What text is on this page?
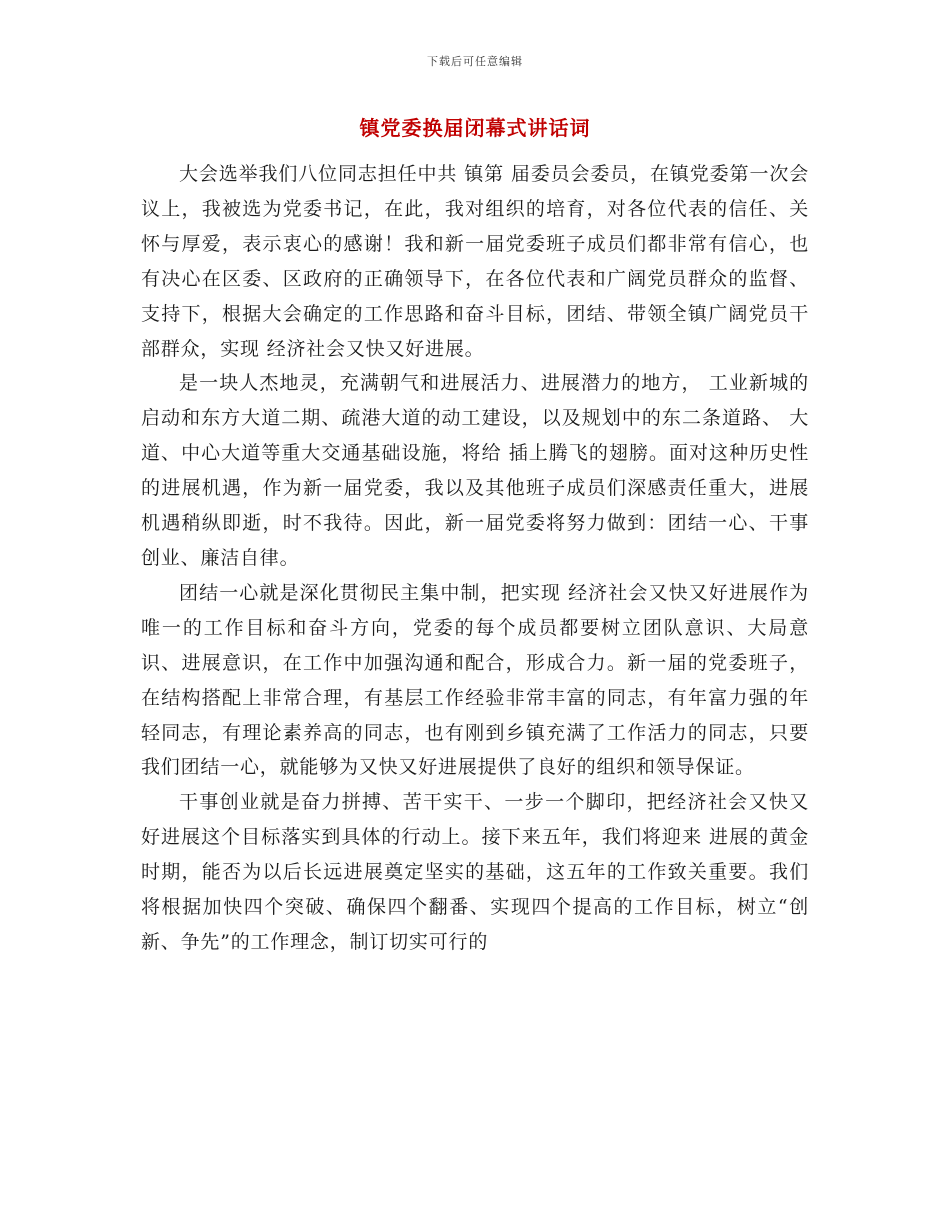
下载后可任意编辑
镇党委换届闭幕式讲话词

大会选举我们八位同志担任中共 镇第 届委员会委员，在镇党委第一次会议上，我被选为党委书记，在此，我对组织的培育，对各位代表的信任、关怀与厚爱，表示衷心的感谢！我和新一届党委班子成员们都非常有信心，也有决心在区委、区政府的正确领导下，在各位代表和广阔党员群众的监督、支持下，根据大会确定的工作思路和奋斗目标，团结、带领全镇广阔党员干部群众，实现 经济社会又快又好进展。

是一块人杰地灵，充满朝气和进展活力、进展潜力的地方， 工业新城的启动和东方大道二期、疏港大道的动工建设，以及规划中的东二条道路、 大道、中心大道等重大交通基础设施，将给 插上腾飞的翅膀。面对这种历史性的进展机遇，作为新一届党委，我以及其他班子成员们深感责任重大，进展机遇稍纵即逝，时不我待。因此，新一届党委将努力做到：团结一心、干事创业、廉洁自律。

团结一心就是深化贯彻民主集中制，把实现 经济社会又快又好进展作为唯一的工作目标和奋斗方向，党委的每个成员都要树立团队意识、大局意识、进展意识，在工作中加强沟通和配合，形成合力。新一届的党委班子，在结构搭配上非常合理，有基层工作经验非常丰富的同志，有年富力强的年轻同志，有理论素养高的同志，也有刚到乡镇充满了工作活力的同志，只要我们团结一心，就能够为又快又好进展提供了良好的组织和领导保证。

干事创业就是奋力拼搏、苦干实干、一步一个脚印，把经济社会又快又好进展这个目标落实到具体的行动上。接下来五年，我们将迎来 进展的黄金时期，能否为以后长远进展奠定坚实的基础，这五年的工作致关重要。我们将根据加快四个突破、确保四个翻番、实现四个提高的工作目标，树立“创新、争先”的工作理念，制订切实可行的
